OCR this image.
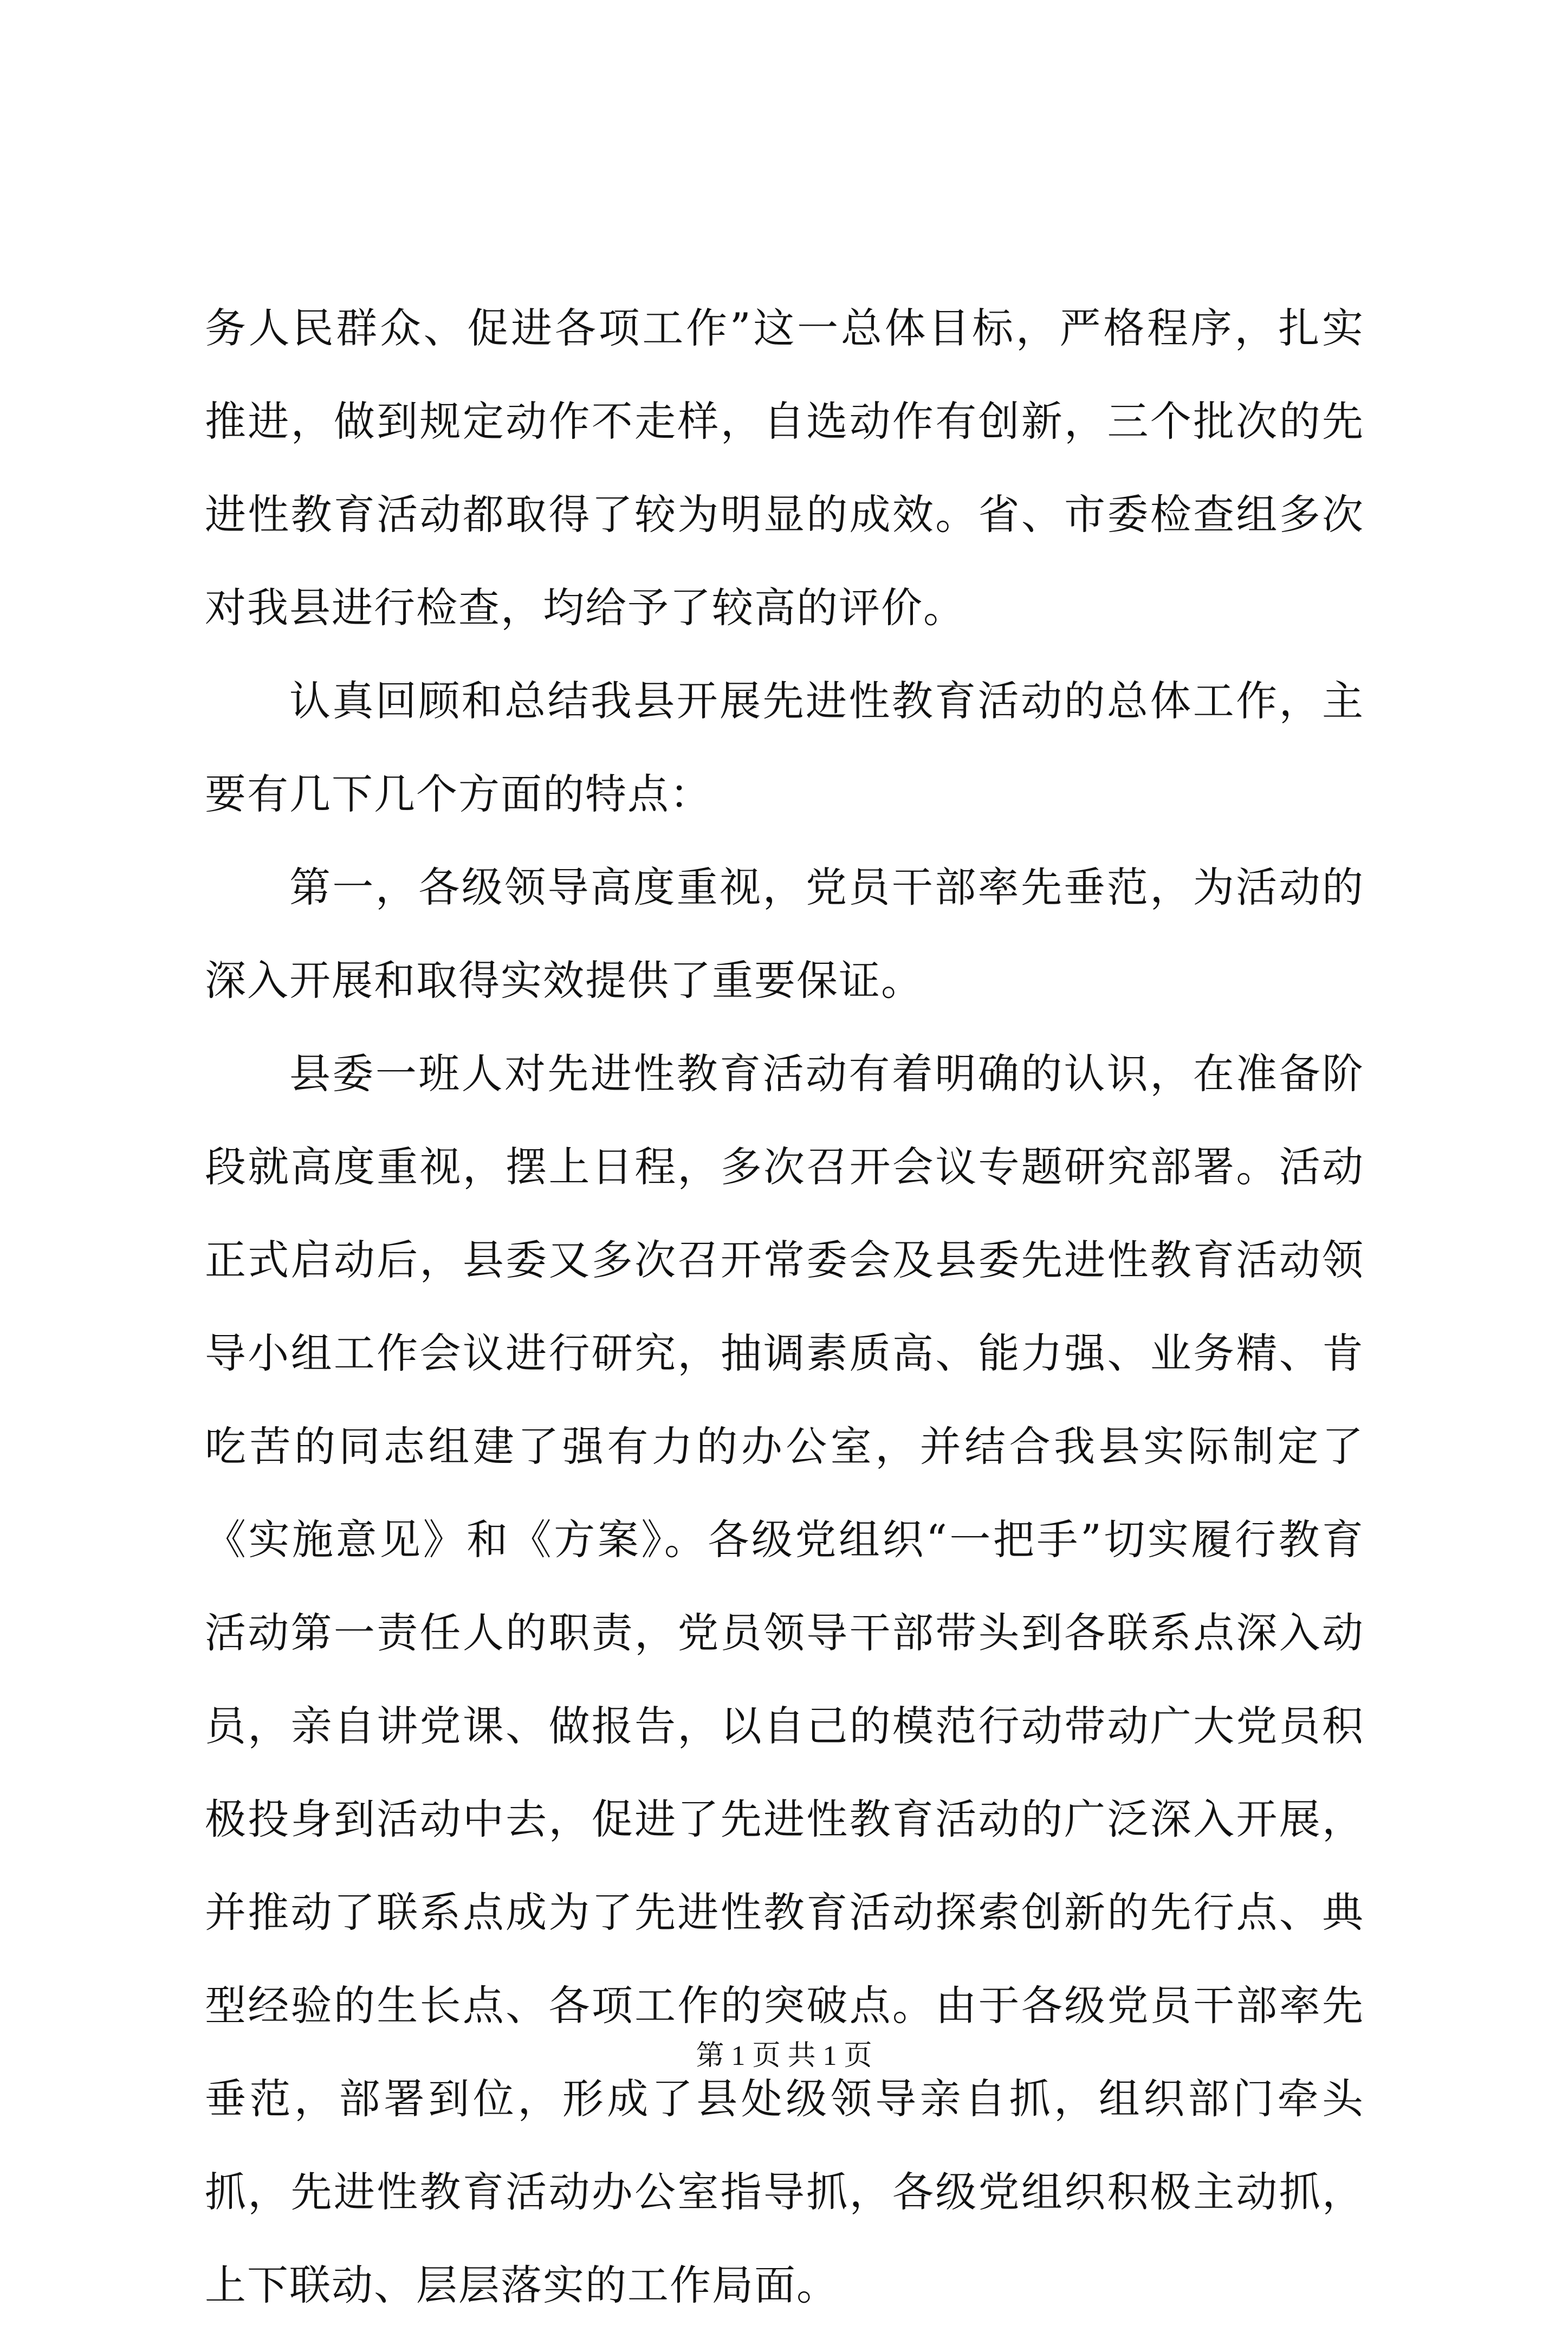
务人民群众、促进各项工作”这一总体目标，严格程序，扎实推进，做到规定动作不走样，自选动作有创新，三个批次的先进性教育活动都取得了较为明显的成效。省、市委检查组多次对我县进行检查，均给予了较高的评价。

认真回顾和总结我县开展先进性教育活动的总体工作，主要有几下几个方面的特点：

第一，各级领导高度重视，党员干部率先垂范，为活动的深入开展和取得实效提供了重要保证。

县委一班人对先进性教育活动有着明确的认识，在准备阶段就高度重视，摆上日程，多次召开会议专题研究部署。活动正式启动后，县委又多次召开常委会及县委先进性教育活动领导小组工作会议进行研究，抽调素质高、能力强、业务精、肯吃苦的同志组建了强有力的办公室，并结合我县实际制定了《实施意见》和《方案》。各级党组织“一把手”切实履行教育活动第一责任人的职责，党员领导干部带头到各联系点深入动员，亲自讲党课、做报告，以自己的模范行动带动广大党员积极投身到活动中去，促进了先进性教育活动的广泛深入开展，并推动了联系点成为了先进性教育活动探索创新的先行点、典型经验的生长点、各项工作的突破点。由于各级党员干部率先垂范，部署到位，形成了县处级领导亲自抓，组织部门牵头抓，先进性教育活动办公室指导抓，各级党组织积极主动抓，上下联动、层层落实的工作局面。

第 1 页 共 1 页
